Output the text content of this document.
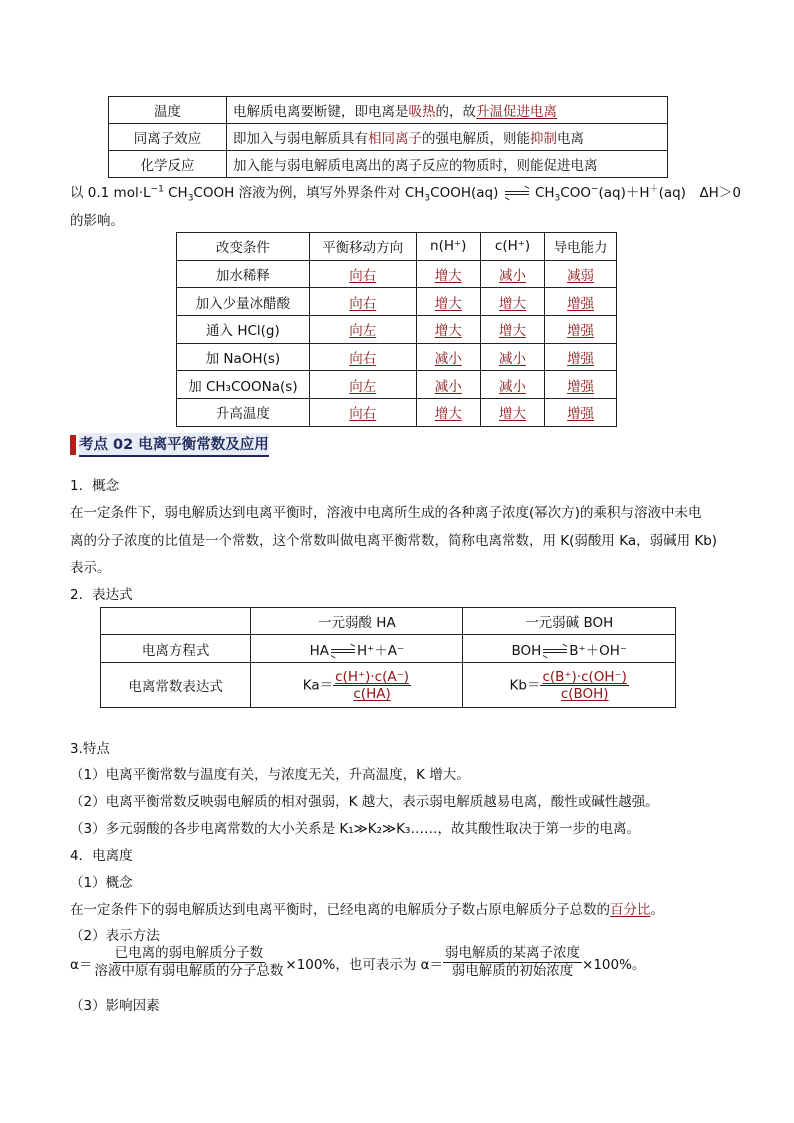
温度	电解质电离要断键，即电离是吸热的，故升温促进电离
同离子效应	即加入与弱电解质具有相同离子的强电解质，则能抑制电离
化学反应	加入能与弱电解质电离出的离子反应的物质时，则能促进电离
以 0.1 $mol\cdot L^{-1}$ $CH_3COOH$ 溶液为例，填写外界条件对 $CH_3COOH(aq)$	$CH_3COO^-(aq)+H^+(aq)$　ΔH＞0
的影响。
改变条件	平衡移动方向	n(H⁺)	c(H⁺)	导电能力
加水稀释	向右	增大	减小	减弱
加入少量冰醋酸	向右	增大	增大	增强
通入 HCl(g)	向左	增大	增大	增强
加 NaOH(s)	向右	减小	减小	增强
加 CH₃COONa(s)	向左	减小	减小	增强
升高温度	向右	增大	增大	增强
考点 02 电离平衡常数及应用
1．概念
在一定条件下，弱电解质达到电离平衡时，溶液中电离所生成的各种离子浓度(幂次方)的乘积与溶液中未电
离的分子浓度的比值是一个常数，这个常数叫做电离平衡常数，简称电离常数，用 K(弱酸用 Ka，弱碱用 Kb)
表示。
2．表达式
	一元弱酸 HA	一元弱碱 BOH
电离方程式	HA H⁺＋A⁻	BOH B⁺＋OH⁻
电离常数表达式	$Ka= \frac{c(H^+)\cdot c(A^-)}{c(HA)}$	$Kb= \frac{c(B^+)\cdot c(OH^-)}{\text{c(BOH)}}$
3.特点
（1）电离平衡常数与温度有关，与浓度无关，升高温度，K 增大。
（2）电离平衡常数反映弱电解质的相对强弱，K 越大，表示弱电解质越易电离，酸性或碱性越强。
（3）多元弱酸的各步电离常数的大小关系是 K₁≫K₂≫K₃……，故其酸性取决于第一步的电离。
4．电离度
（1）概念
在一定条件下的弱电解质达到电离平衡时，已经电离的电解质分子数占原电解质分子总数的百分比。
（2）表示方法
$\alpha= \frac{\text{已电离的弱电解质分子数}}{\text{溶液中原有弱电解质的分子总数}} \times 100\%$，也可表示为 $\alpha= \frac{\text{弱电解质的某离子浓度}}{\text{弱电解质的初始浓度}} \times 100\%$。
（3）影响因素
